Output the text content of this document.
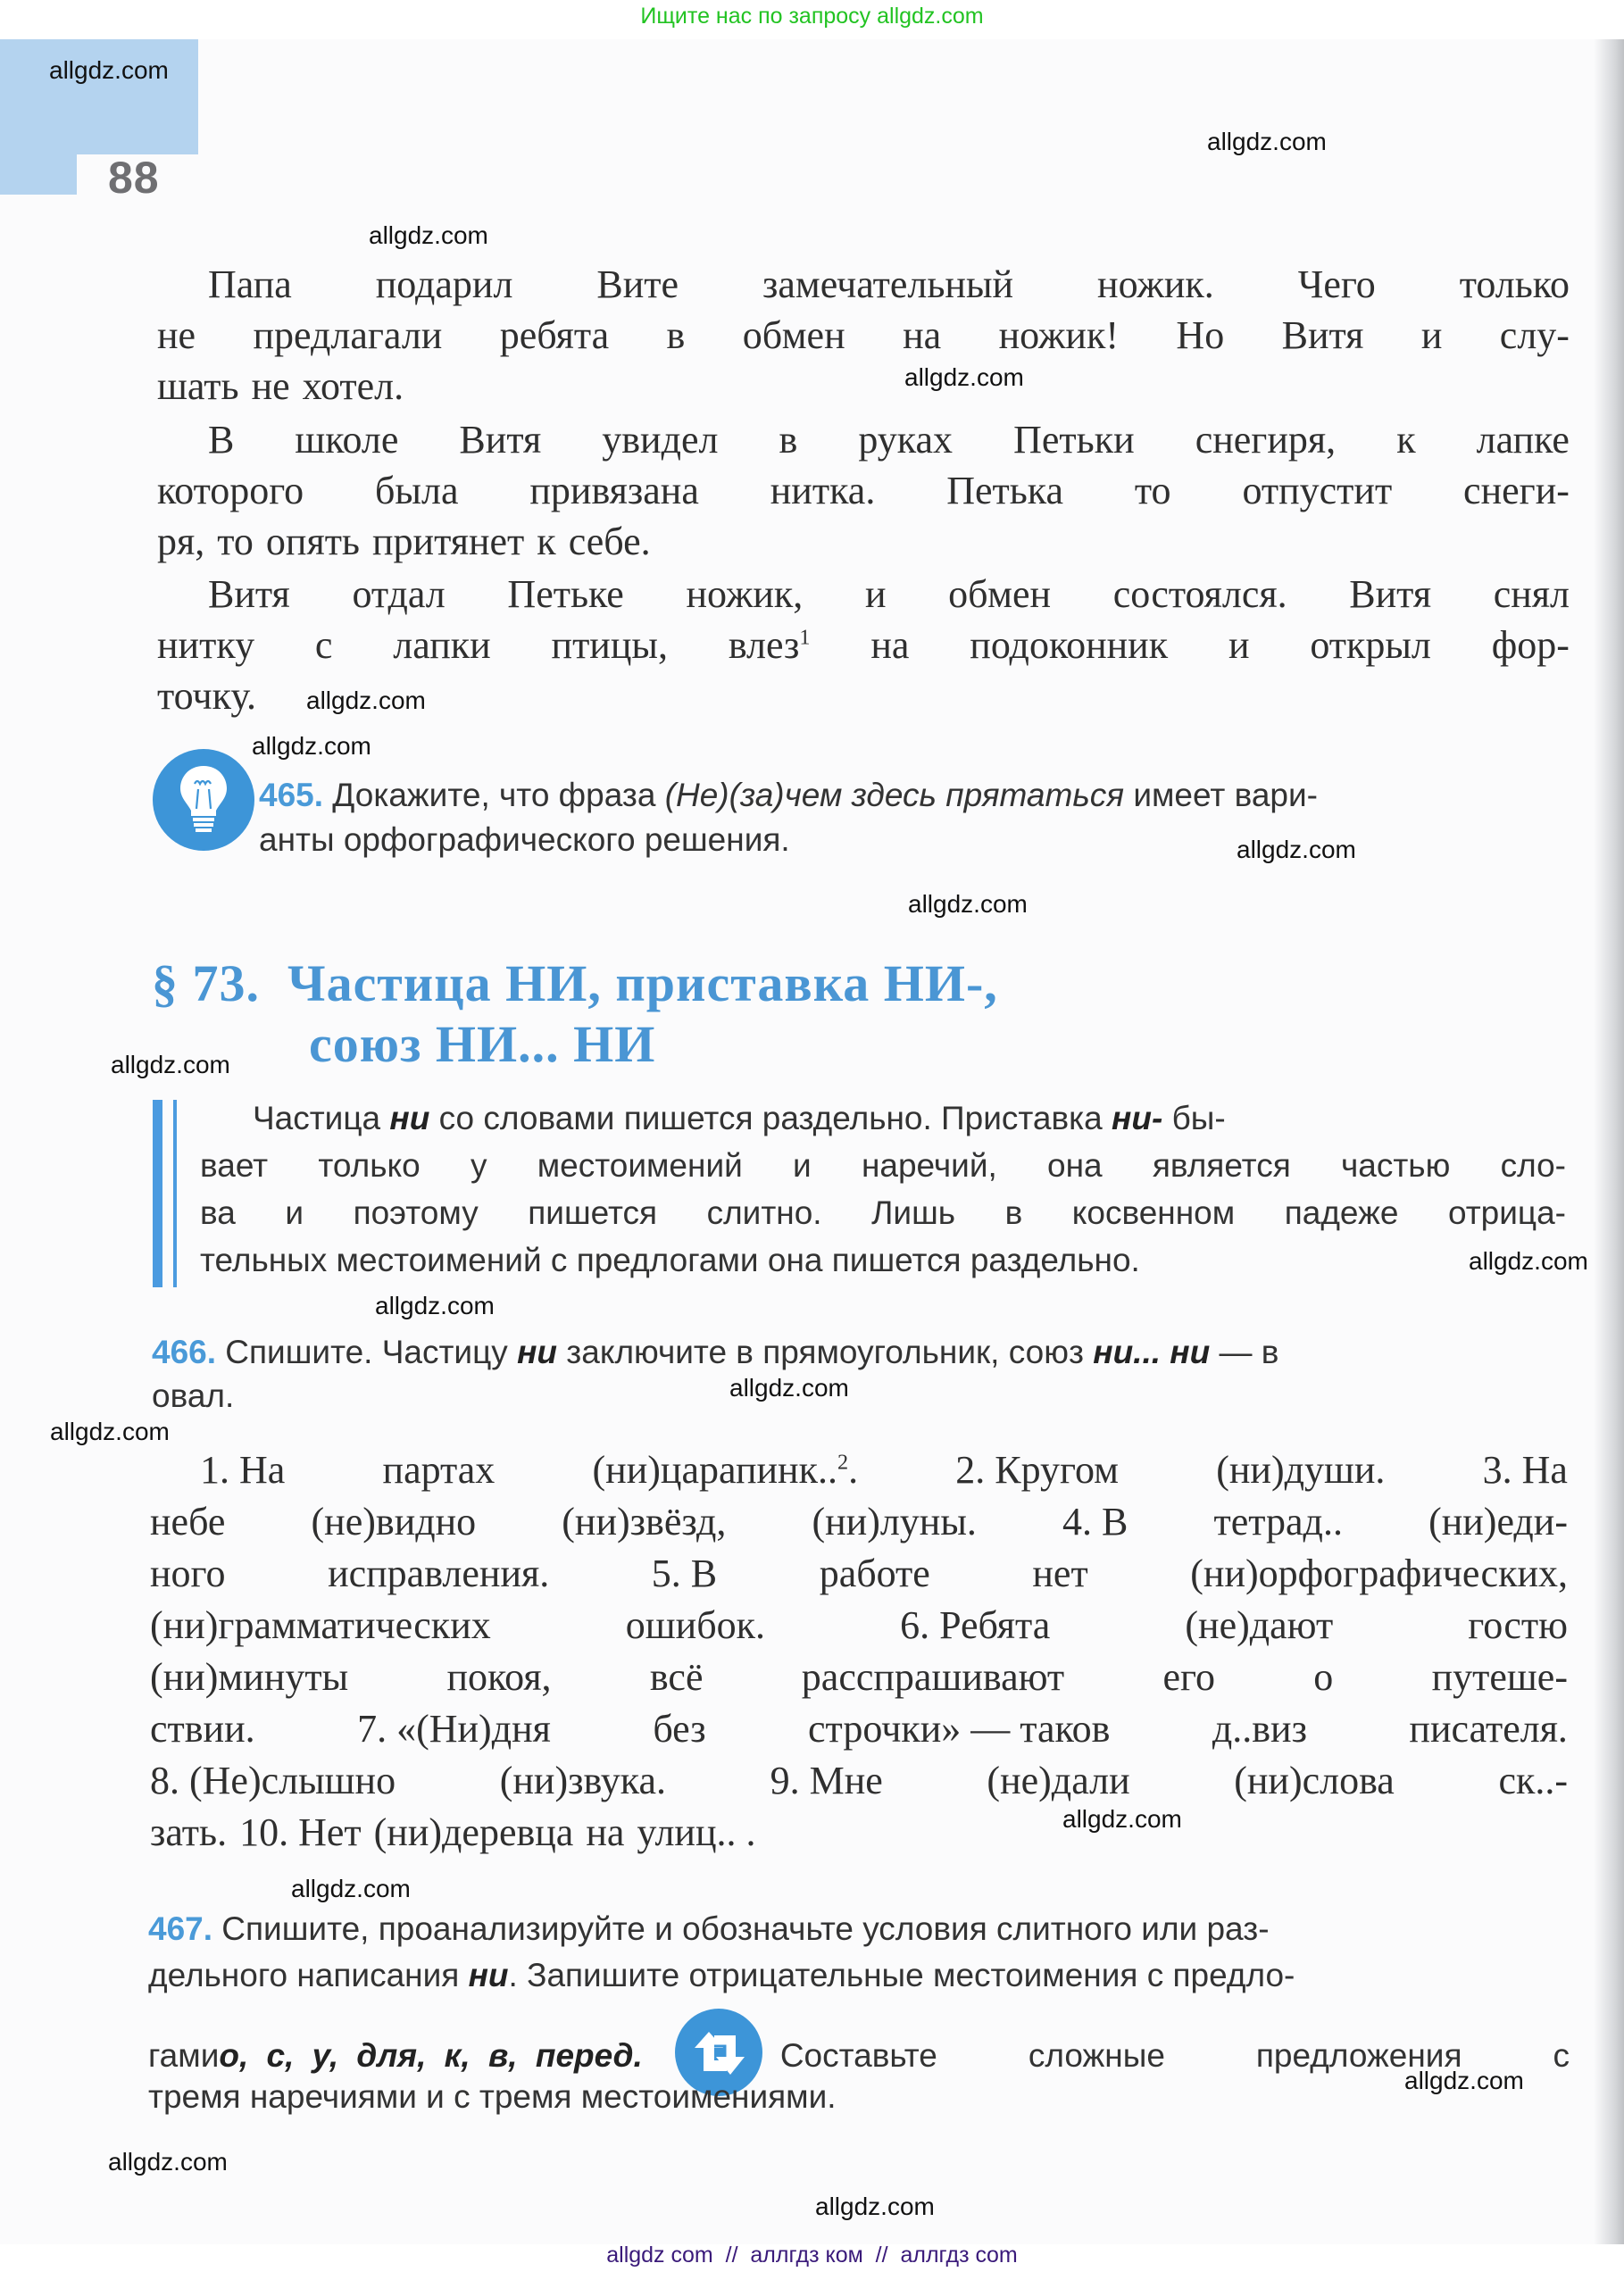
Ищите нас по запросу allgdz.com
88
Папа подарил Вите замечательный ножик. Чего только
не предлагали ребята в обмен на ножик! Но Витя и слу-
шать не хотел.
В школе Витя увидел в руках Петьки снегиря, к лапке
которого была привязана нитка. Петька то отпустит снеги-
ря, то опять притянет к себе.
Витя отдал Петьке ножик, и обмен состоялся. Витя снял
нитку с лапки птицы, влез$^1$ на подоконник и открыл фор-
точку.
465. Докажите, что фраза (Не)(за)чем здесь прятаться имеет вари-
анты орфографического решения.
§ 73.  Частица НИ, приставка НИ-,
союз НИ... НИ
Частица ни со словами пишется раздельно. Приставка ни- бы-
вает только у местоимений и наречий, она является частью сло-
ва и поэтому пишется слитно. Лишь в косвенном падеже отрица-
тельных местоимений с предлогами она пишется раздельно.
466. Спишите. Частицу ни заключите в прямоугольник, союз ни... ни — в
овал.
1. На партах (ни)царапинк..$^2$. 2. Кругом (ни)души. 3. На
небе (не)видно (ни)звёзд, (ни)луны. 4. В тетрад.. (ни)еди-
ного	исправления.	5. В	работе	нет	(ни)орфографических,
(ни)грамматических	ошибок.	6. Ребята	(не)дают	гостю
(ни)минуты	покоя,	всё	расспрашивают	его	о	путеше-
ствии.	7. «(Ни)дня	без	строчки» — таков	д..виз	писателя.
8. (Не)слышно	(ни)звука.	9. Мне	(не)дали	(ни)слова	ск..-
зать. 10. Нет (ни)деревца на улиц.. .
467. Спишите, проанализируйте и обозначьте условия слитного или раз-
дельного написания ни. Запишите отрицательные местоимения с предло-
гами о, с, у, для, к, в, перед.	Составьте сложные предложения с
тремя наречиями и с тремя местоимениями.
allgdz.com
allgdz.com
allgdz.com
allgdz.com
allgdz.com
allgdz.com
allgdz.com
allgdz.com
allgdz.com
allgdz.com
allgdz.com
allgdz.com
allgdz.com
allgdz.com
allgdz.com
allgdz.com
allgdz.com
allgdz.com
allgdz com  //  аллгдз ком  //  аллгдз com
